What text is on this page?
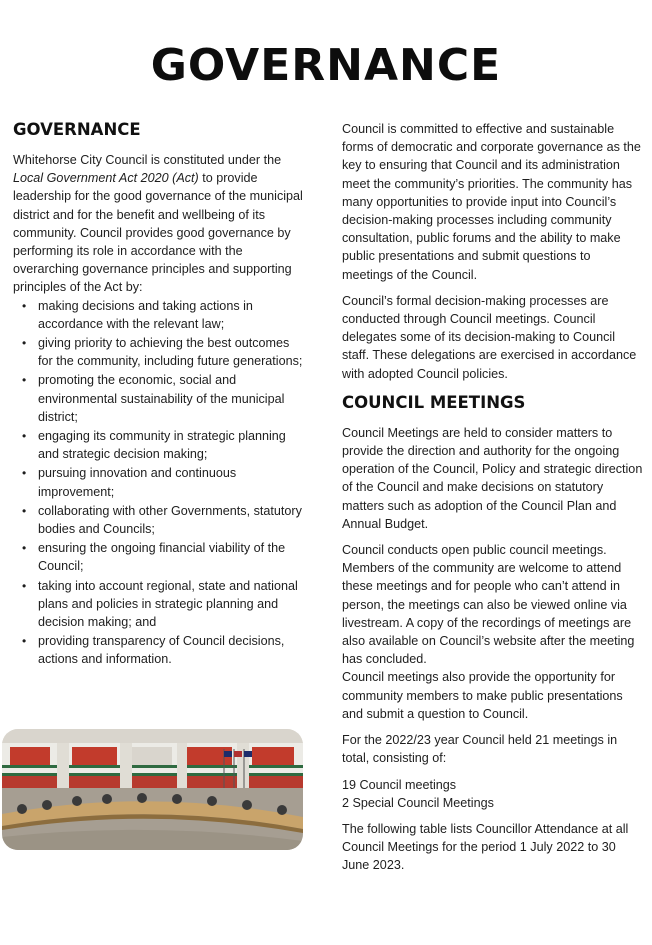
GOVERNANCE
GOVERNANCE

Whitehorse City Council is constituted under the Local Government Act 2020 (Act) to provide leadership for the good governance of the municipal district and for the benefit and wellbeing of its community. Council provides good governance by performing its role in accordance with the overarching governance principles and supporting principles of the Act by:

• making decisions and taking actions in accordance with the relevant law;
• giving priority to achieving the best outcomes for the community, including future generations;
• promoting the economic, social and environmental sustainability of the municipal district;
• engaging its community in strategic planning and strategic decision making;
• pursuing innovation and continuous improvement;
• collaborating with other Governments, statutory bodies and Councils;
• ensuring the ongoing financial viability of the Council;
• taking into account regional, state and national plans and policies in strategic planning and decision making; and
• providing transparency of Council decisions, actions and information.

Council is committed to effective and sustainable forms of democratic and corporate governance as the key to ensuring that Council and its administration meet the community’s priorities. The community has many opportunities to provide input into Council’s decision-making processes including community consultation, public forums and the ability to make public presentations and submit questions to meetings of the Council.

Council’s formal decision-making processes are conducted through Council meetings. Council delegates some of its decision-making to Council staff. These delegations are exercised in accordance with adopted Council policies.

COUNCIL MEETINGS

Council Meetings are held to consider matters to provide the direction and authority for the ongoing operation of the Council, Policy and strategic direction of the Council and make decisions on statutory matters such as adoption of the Council Plan and Annual Budget.

Council conducts open public council meetings. Members of the community are welcome to attend these meetings and for people who can’t attend in person, the meetings can also be viewed online via livestream. A copy of the recordings of meetings are also available on Council’s website after the meeting has concluded.

Council meetings also provide the opportunity for community members to make public presentations and submit a question to Council.

For the 2022/23 year Council held 21 meetings in total, consisting of:

19 Council meetings

2 Special Council Meetings

The following table lists Councillor Attendance at all Council Meetings for the period 1 July 2022 to 30 June 2023.
